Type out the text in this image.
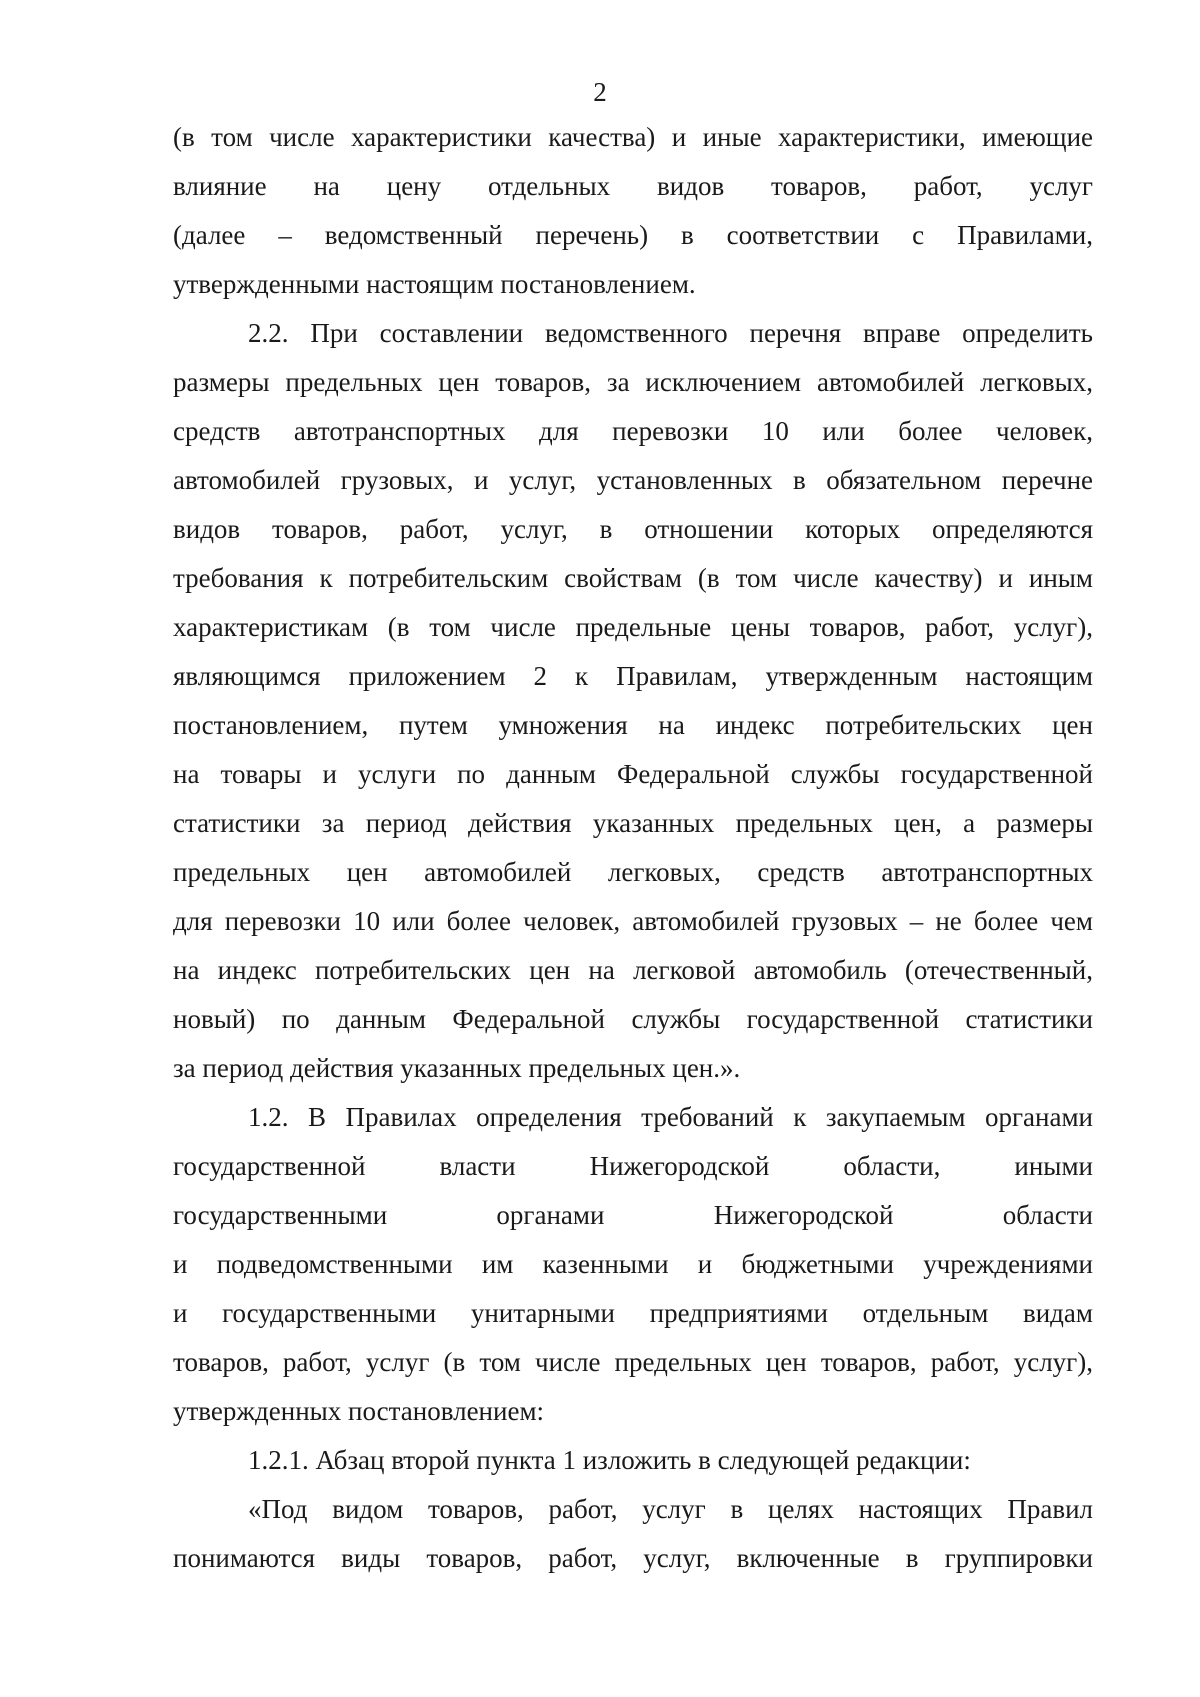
2
(в том числе характеристики качества) и иные характеристики, имеющие
влияние на цену отдельных видов товаров, работ, услуг
(далее – ведомственный перечень) в соответствии с Правилами,
утвержденными настоящим постановлением.
2.2. При составлении ведомственного перечня вправе определить
размеры предельных цен товаров, за исключением автомобилей легковых,
средств автотранспортных для перевозки 10 или более человек,
автомобилей грузовых, и услуг, установленных в обязательном перечне
видов товаров, работ, услуг, в отношении которых определяются
требования к потребительским свойствам (в том числе качеству) и иным
характеристикам (в том числе предельные цены товаров, работ, услуг),
являющимся приложением 2 к Правилам, утвержденным настоящим
постановлением, путем умножения на индекс потребительских цен
на товары и услуги по данным Федеральной службы государственной
статистики за период действия указанных предельных цен, а размеры
предельных цен автомобилей легковых, средств автотранспортных
для перевозки 10 или более человек, автомобилей грузовых – не более чем
на индекс потребительских цен на легковой автомобиль (отечественный,
новый) по данным Федеральной службы государственной статистики
за период действия указанных предельных цен.».
1.2. В Правилах определения требований к закупаемым органами
государственной власти Нижегородской области, иными
государственными органами Нижегородской области
и подведомственными им казенными и бюджетными учреждениями
и государственными унитарными предприятиями отдельным видам
товаров, работ, услуг (в том числе предельных цен товаров, работ, услуг),
утвержденных постановлением:
1.2.1. Абзац второй пункта 1 изложить в следующей редакции:
«Под видом товаров, работ, услуг в целях настоящих Правил
понимаются виды товаров, работ, услуг, включенные в группировки
